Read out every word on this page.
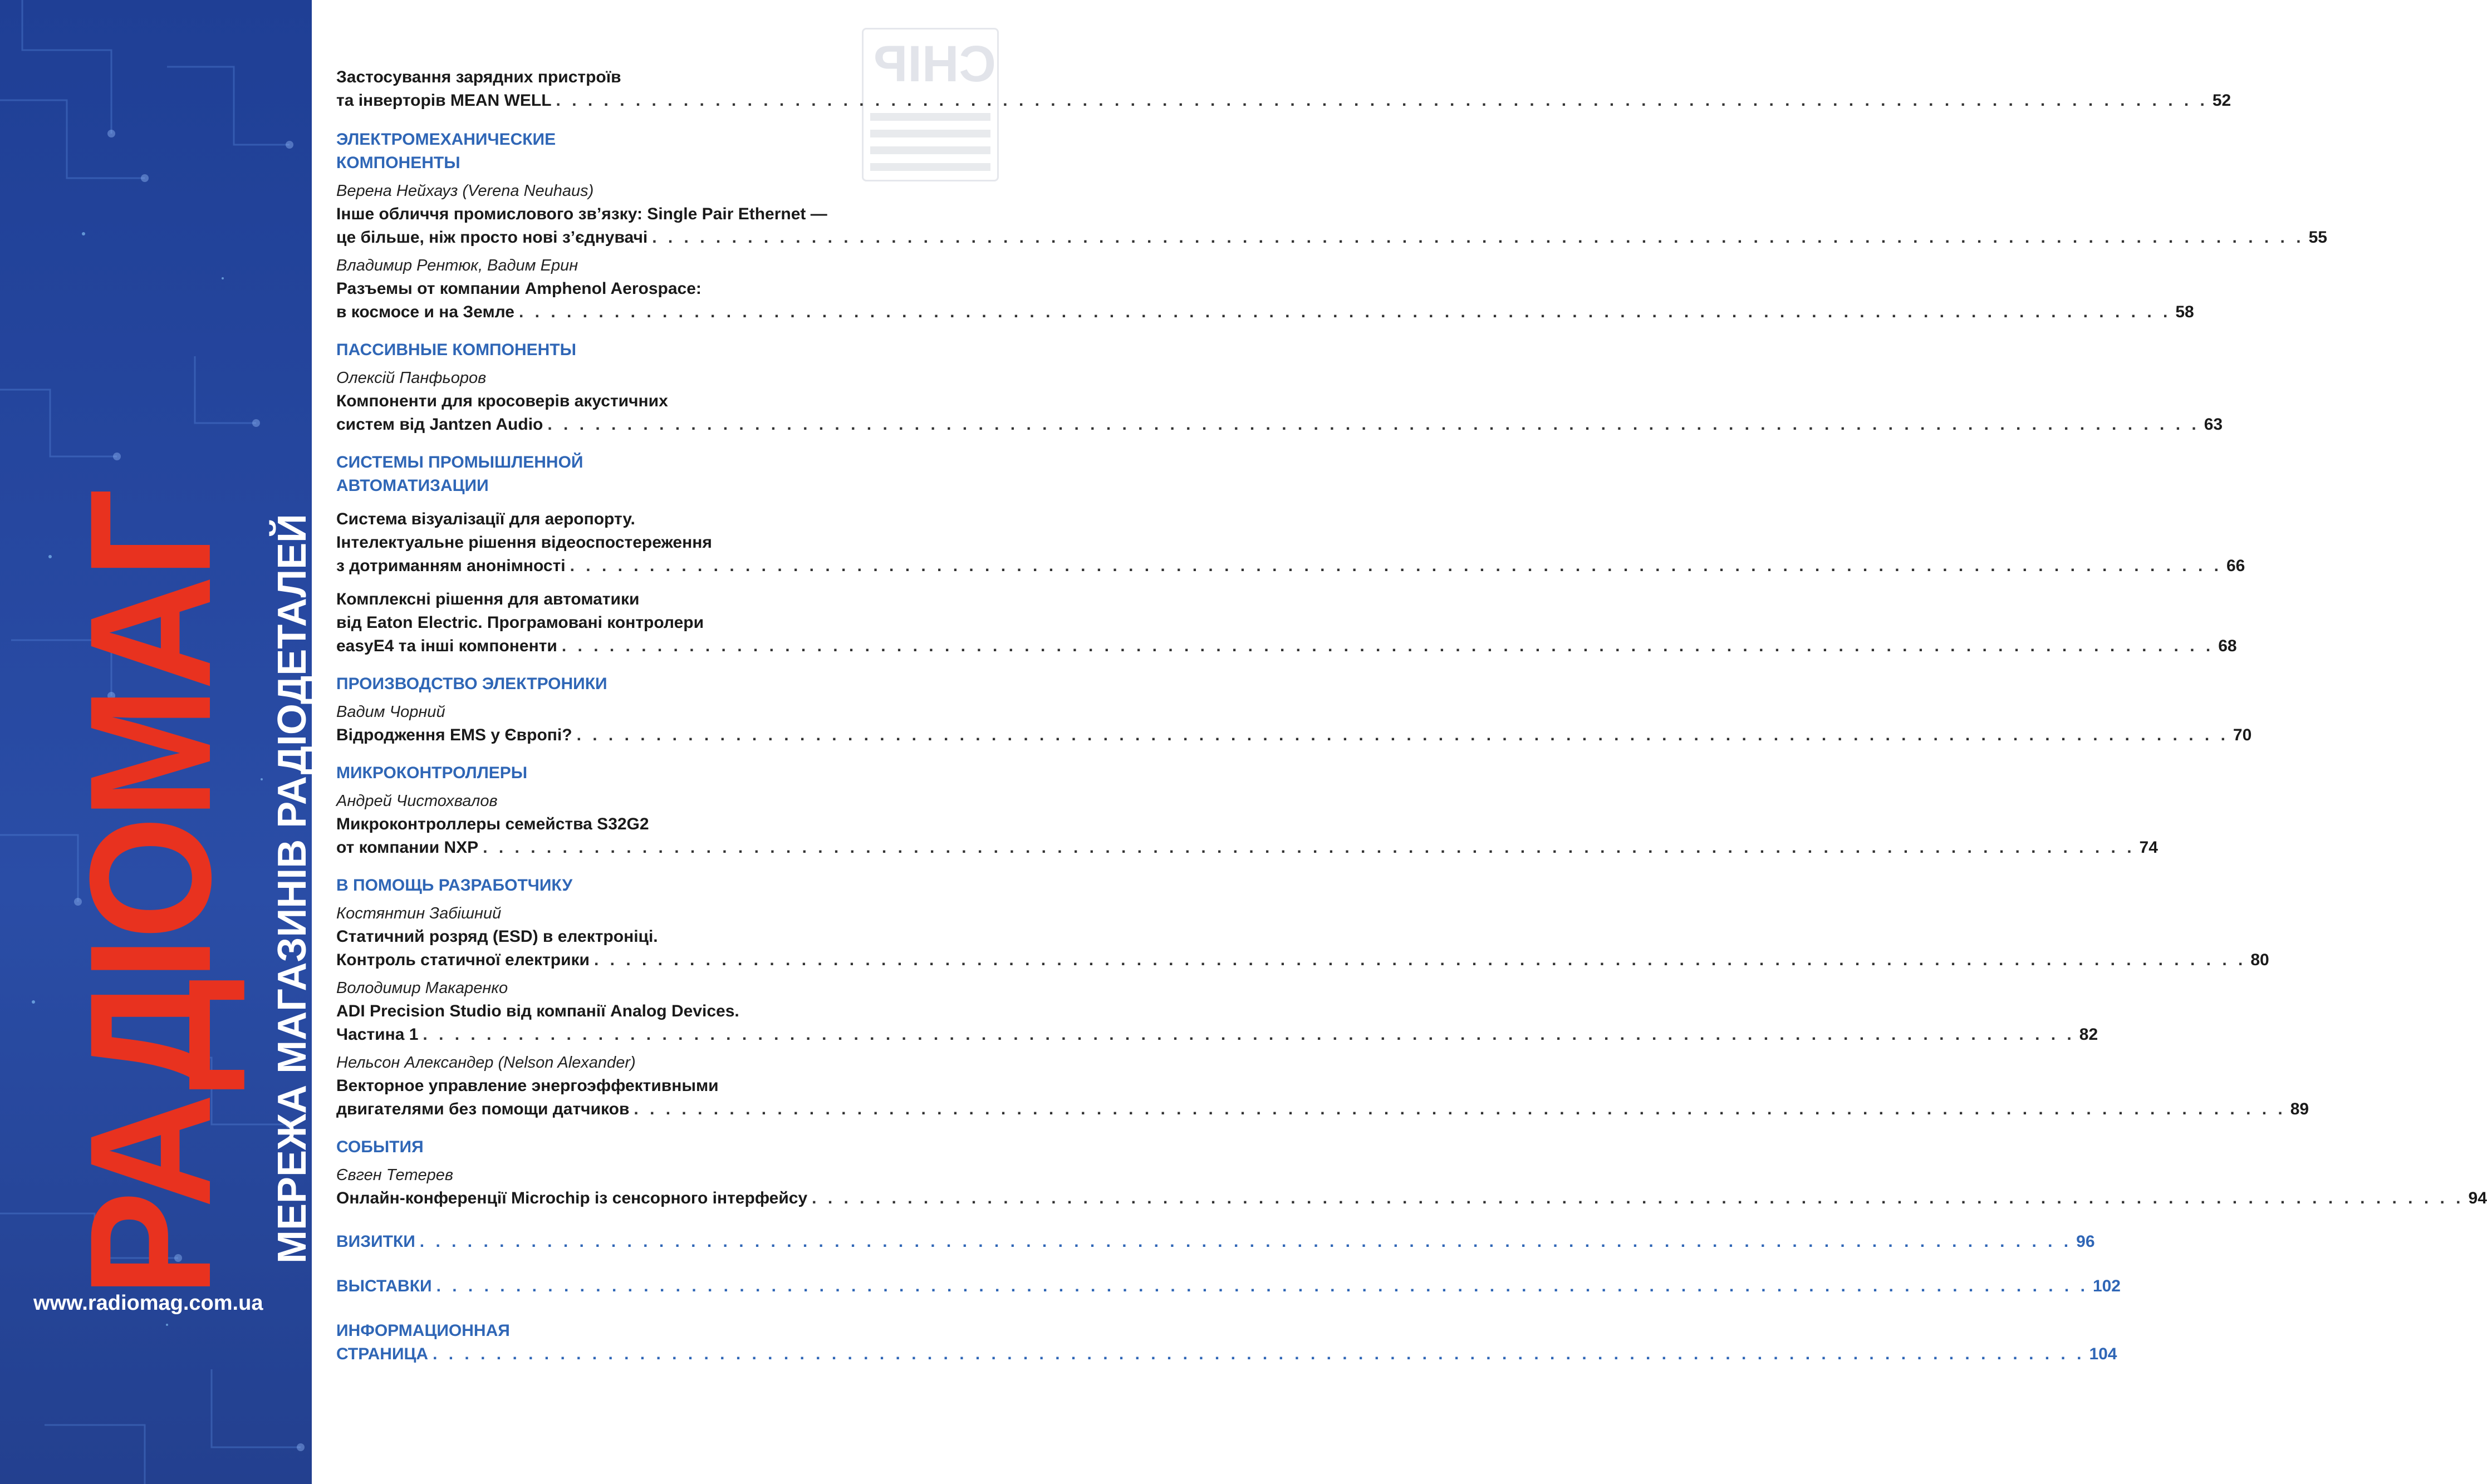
РАДІОМАГ МЕРЕЖА МАГАЗИНІВ РАДІОДЕТАЛЕЙ
www.radiomag.com.ua
CHIP
Застосування зарядних пристроїв
та інверторів MEAN WELL . . .	52
ЭЛЕКТРОМЕХАНИЧЕСКИЕ
КОМПОНЕНТЫ
Верена Нейхауз (Verena Neuhaus)
Інше обличчя промислового зв’язку: Single Pair Ethernet —
це більше, ніж просто нові з’єднувачі . . .	55
Владимир Рентюк, Вадим Ерин
Разъемы от компании Amphenol Aerospace:
в космосе и на Земле . . .	58
ПАССИВНЫЕ КОМПОНЕНТЫ
Олексій Панфьоров
Компоненти для кросоверів акустичних
систем від Jantzen Audio . . .	63
СИСТЕМЫ ПРОМЫШЛЕННОЙ
АВТОМАТИЗАЦИИ
Система візуалізації для аеропорту.
Інтелектуальне рішення відеоспостереження
з дотриманням анонімності . . .	66
Комплексні рішення для автоматики
від Eaton Electric. Програмовані контролери
easyE4 та інші компоненти . . .	68
ПРОИЗВОДСТВО ЭЛЕКТРОНИКИ
Вадим Чорний
Відродження EMS у Європі? . . .	70
МИКРОКОНТРОЛЛЕРЫ
Андрей Чистохвалов
Микроконтроллеры семейства S32G2
от компании NXP . . .	74
В ПОМОЩЬ РАЗРАБОТЧИКУ
Костянтин Забішний
Статичний розряд (ESD) в електроніці.
Контроль статичної електрики . . .	80
Володимир Макаренко
ADI Precision Studio від компанії Analog Devices.
Частина 1 . . .	82
Нельсон Александер (Nelson Alexander)
Векторное управление энергоэффективными
двигателями без помощи датчиков . . .	89
СОБЫТИЯ
Євген Тетерев
Онлайн-конференції Microchip із сенсорного інтерфейсу . . .	94
ВИЗИТКИ . . .	96
ВЫСТАВКИ . . .	102
ИНФОРМАЦИОННАЯ СТРАНИЦА . . .	104
